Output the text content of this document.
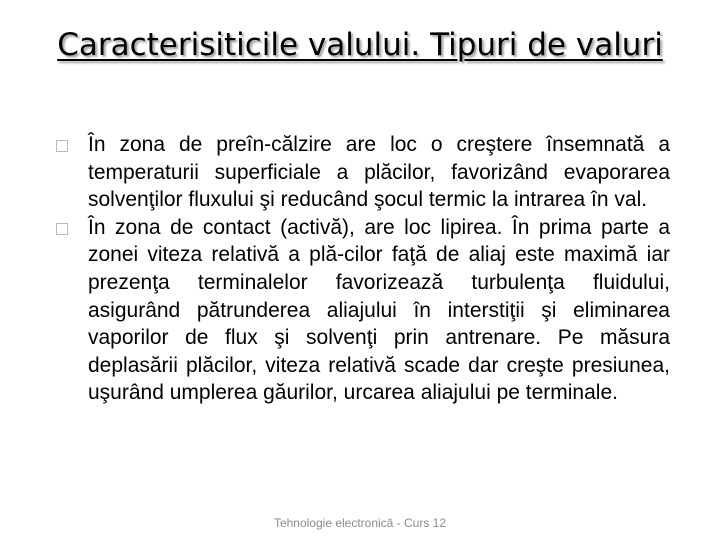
Caracterisiticile valului. Tipuri de valuri
În zona de preîn-călzire are loc o creştere însemnată a temperaturii superficiale a plăcilor, favorizând evaporarea solvenţilor fluxului şi reducând şocul termic la intrarea în val.
În zona de contact (activă), are loc lipirea. În prima parte a zonei viteza relativă a plă-cilor faţă de aliaj este maximă iar prezenţa terminalelor favorizează turbulenţa fluidului, asigurând pătrunderea aliajului în interstiţii şi eliminarea vaporilor de flux şi solvenţi prin antrenare. Pe măsura deplasării plăcilor, viteza relativă scade dar creşte presiunea, uşurând umplerea găurilor, urcarea aliajului pe terminale.
Tehnologie electronică - Curs 12
